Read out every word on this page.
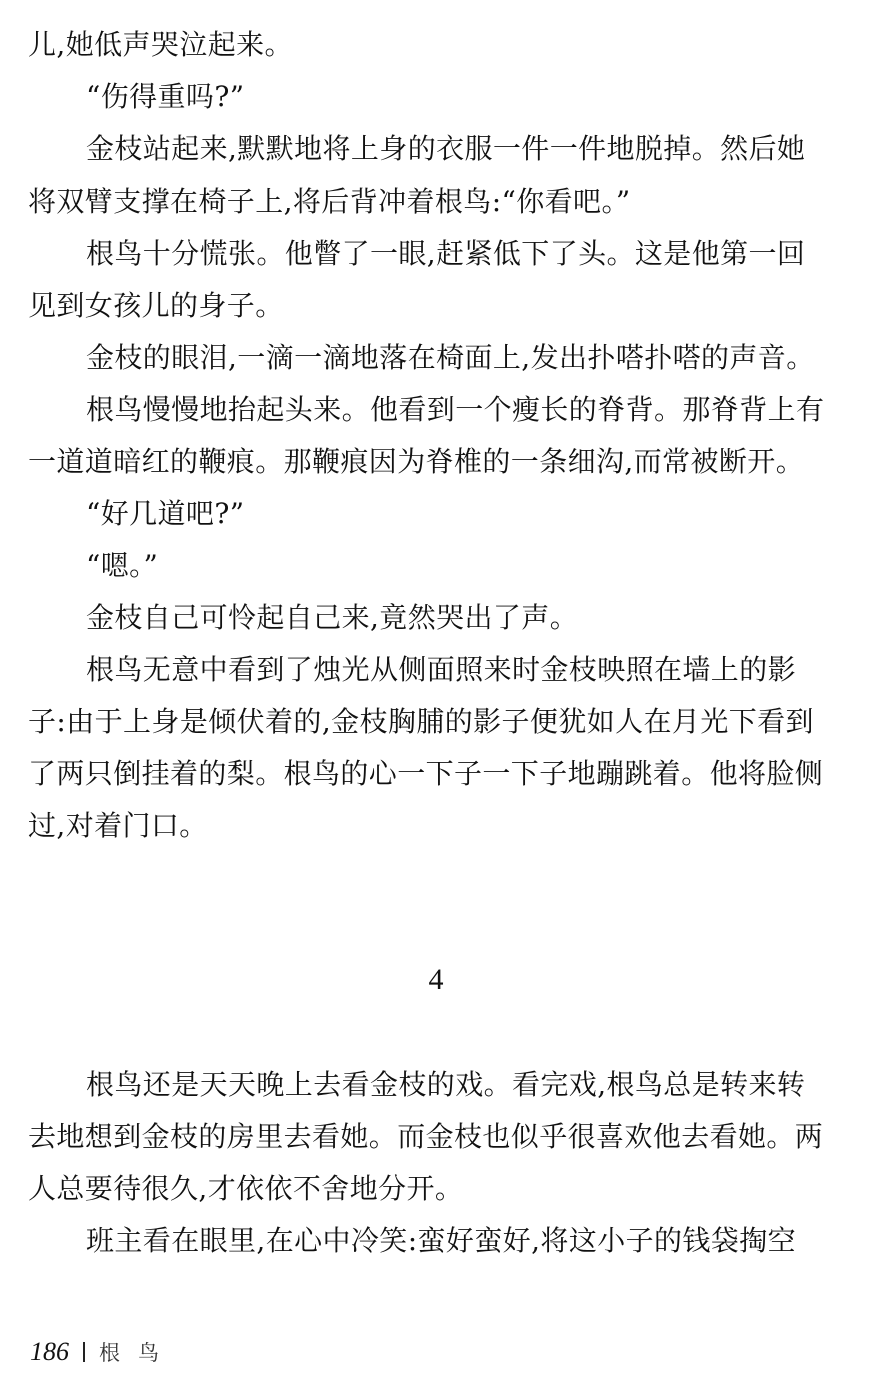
儿,她低声哭泣起来。
“伤得重吗?”
金枝站起来,默默地将上身的衣服一件一件地脱掉。然后她
将双臂支撑在椅子上,将后背冲着根鸟:“你看吧。”
根鸟十分慌张。他瞥了一眼,赶紧低下了头。这是他第一回
见到女孩儿的身子。
金枝的眼泪,一滴一滴地落在椅面上,发出扑嗒扑嗒的声音。
根鸟慢慢地抬起头来。他看到一个瘦长的脊背。那脊背上有
一道道暗红的鞭痕。那鞭痕因为脊椎的一条细沟,而常被断开。
“好几道吧?”
“嗯。”
金枝自己可怜起自己来,竟然哭出了声。
根鸟无意中看到了烛光从侧面照来时金枝映照在墙上的影
子:由于上身是倾伏着的,金枝胸脯的影子便犹如人在月光下看到
了两只倒挂着的梨。根鸟的心一下子一下子地蹦跳着。他将脸侧
过,对着门口。
4
根鸟还是天天晚上去看金枝的戏。看完戏,根鸟总是转来转
去地想到金枝的房里去看她。而金枝也似乎很喜欢他去看她。两
人总要待很久,才依依不舍地分开。
班主看在眼里,在心中冷笑:蛮好蛮好,将这小子的钱袋掏空
186 根鸟
